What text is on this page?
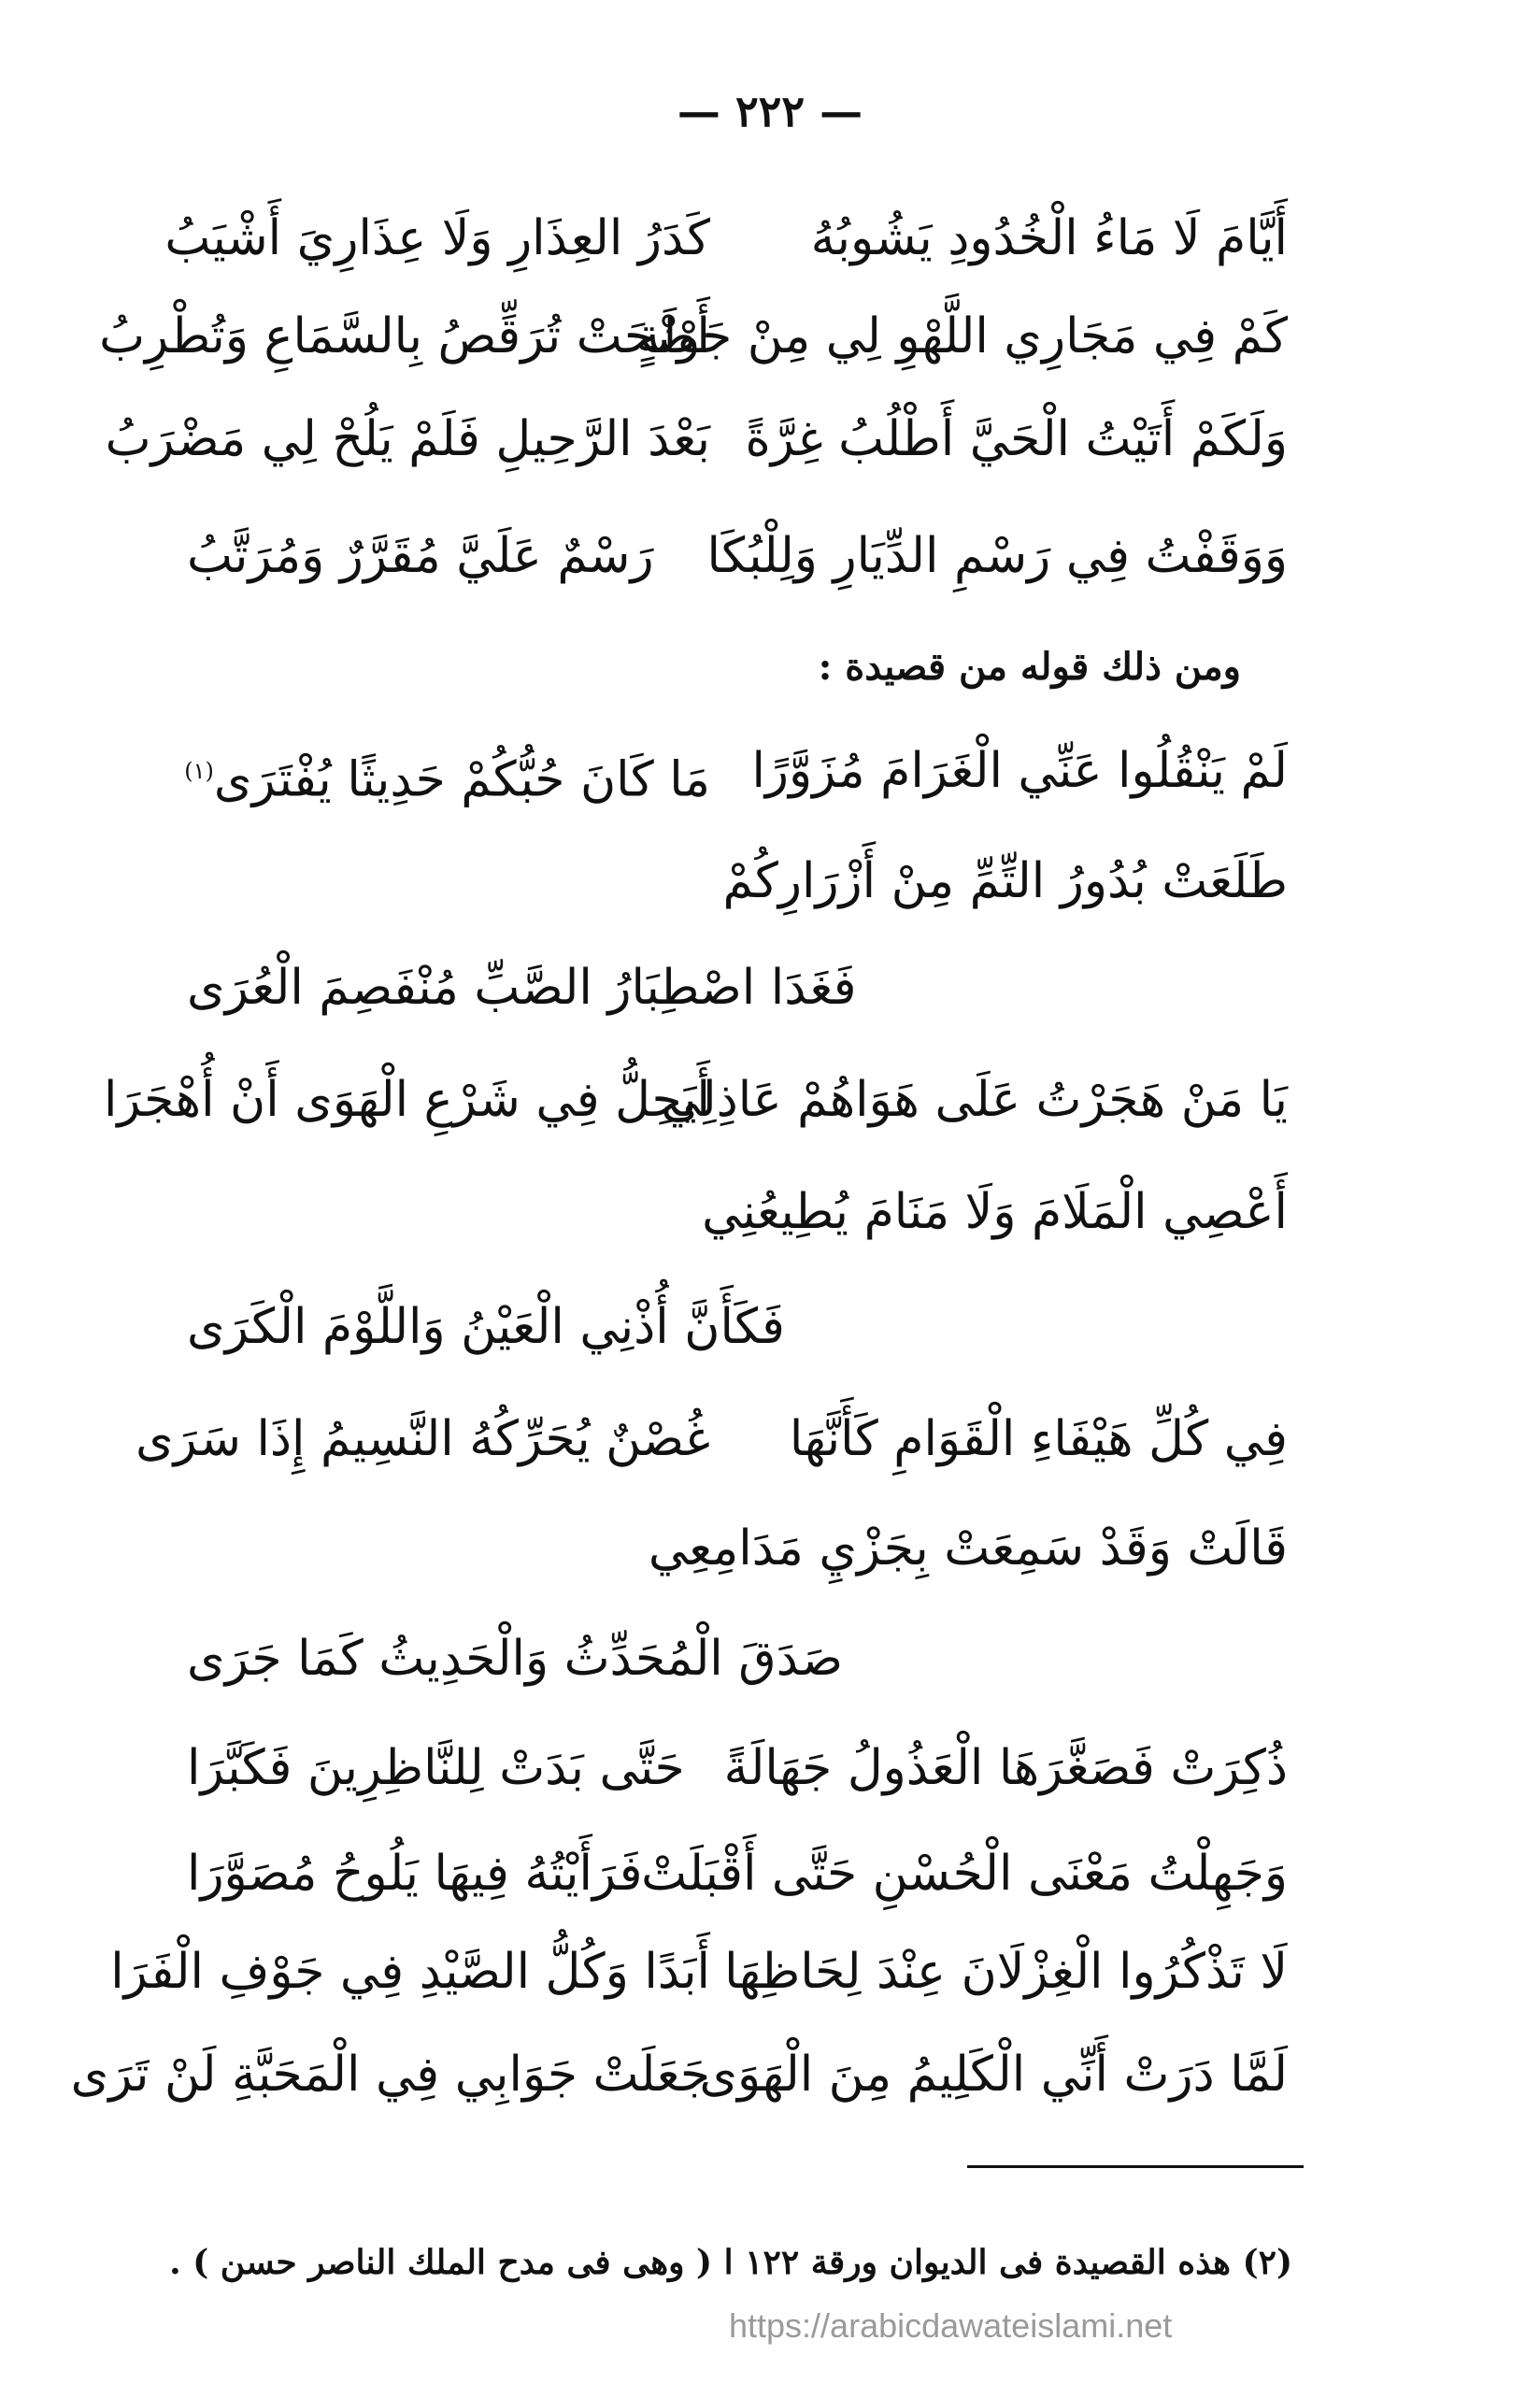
— ٢٢٢ —
أَيَّامَ لَا مَاءُ الْخُدُودِ يَشُوبُهُ
كَدَرُ العِذَارِ وَلَا عِذَارِيَ أَشْيَبُ
كَمْ فِي مَجَارِي اللَّهْوِ لِي مِنْ جَوْلَةٍ
أَضْحَتْ تُرَقِّصُ بِالسَّمَاعِ وَتُطْرِبُ
وَلَكَمْ أَتَيْتُ الْحَيَّ أَطْلُبُ غِرَّةً
بَعْدَ الرَّحِيلِ فَلَمْ يَلُحْ لِي مَضْرَبُ
وَوَقَفْتُ فِي رَسْمِ الدِّيَارِ وَلِلْبُكَا
رَسْمٌ عَلَيَّ مُقَرَّرٌ وَمُرَتَّبُ
ومن ذلك قوله من قصيدة :
لَمْ يَنْقُلُوا عَنِّي الْغَرَامَ مُزَوَّرًا
مَا كَانَ حُبُّكُمْ حَدِيثًا يُفْتَرَى$^{(١)}$
طَلَعَتْ بُدُورُ التِّمِّ مِنْ أَزْرَارِكُمْ
فَغَدَا اصْطِبَارُ الصَّبِّ مُنْفَصِمَ الْعُرَى
يَا مَنْ هَجَرْتُ عَلَى هَوَاهُمْ عَاذِلِي
أَيَحِلُّ فِي شَرْعِ الْهَوَى أَنْ أُهْجَرَا
أَعْصِي الْمَلَامَ وَلَا مَنَامَ يُطِيعُنِي
فَكَأَنَّ أُذْنِي الْعَيْنُ وَاللَّوْمَ الْكَرَى
فِي كُلِّ هَيْفَاءِ الْقَوَامِ كَأَنَّهَا
غُصْنٌ يُحَرِّكُهُ النَّسِيمُ إِذَا سَرَى
قَالَتْ وَقَدْ سَمِعَتْ بِجَزْيِ مَدَامِعِي
صَدَقَ الْمُحَدِّثُ وَالْحَدِيثُ كَمَا جَرَى
ذُكِرَتْ فَصَغَّرَهَا الْعَذُولُ جَهَالَةً
حَتَّى بَدَتْ لِلنَّاظِرِينَ فَكَبَّرَا
وَجَهِلْتُ مَعْنَى الْحُسْنِ حَتَّى أَقْبَلَتْ
فَرَأَيْتُهُ فِيهَا يَلُوحُ مُصَوَّرَا
لَا تَذْكُرُوا الْغِزْلَانَ عِنْدَ لِحَاظِهَا
أَبَدًا وَكُلُّ الصَّيْدِ فِي جَوْفِ الْفَرَا
لَمَّا دَرَتْ أَنِّي الْكَلِيمُ مِنَ الْهَوَى
جَعَلَتْ جَوَابِي فِي الْمَحَبَّةِ لَنْ تَرَى
(٢) هذه القصيدة فى الديوان ورقة ١٢٢ ا ( وهى فى مدح الملك الناصر حسن ) .
https://arabicdawateislami.net
